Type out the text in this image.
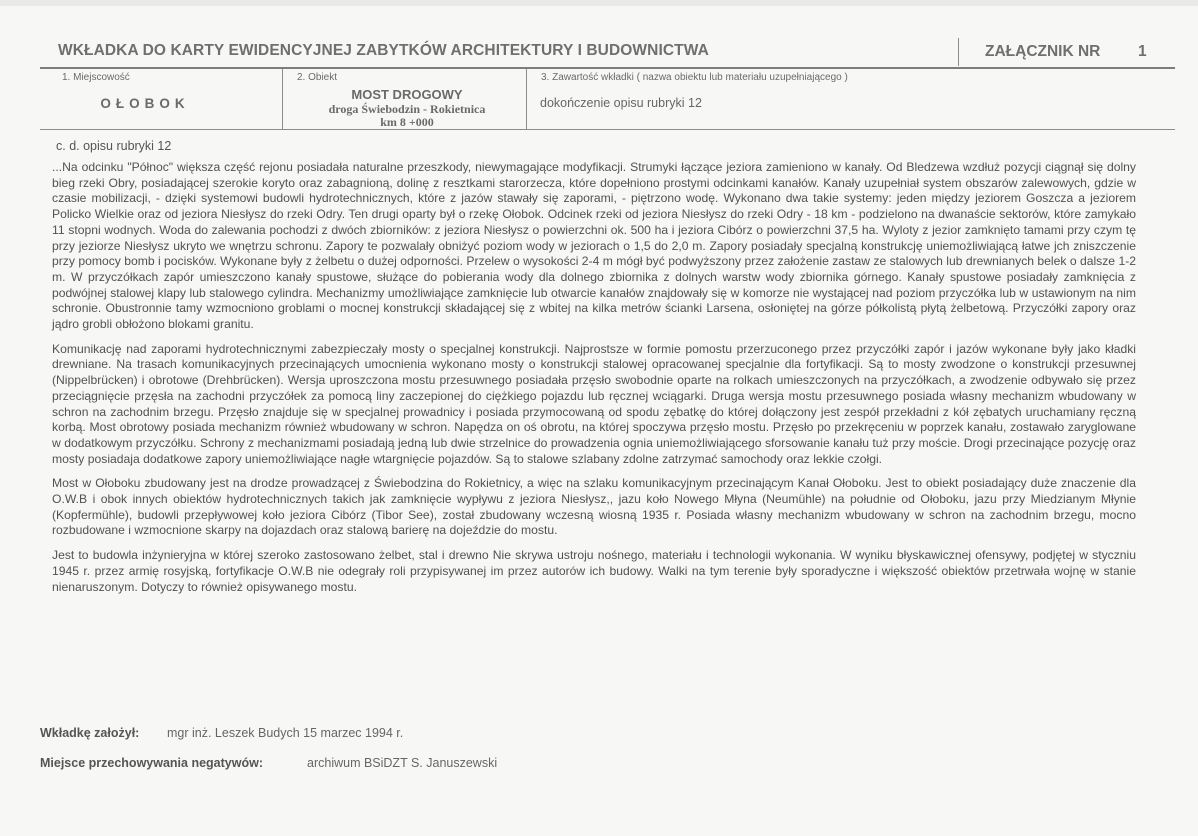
WKŁADKA DO KARTY EWIDENCYJNEJ ZABYTKÓW ARCHITEKTURY I BUDOWNICTWA	ZAŁĄCZNIK NR 1
1. Miejscowość
OŁOBOK
2. Obiekt
MOST DROGOWY
droga Świebodzin - Rokietnica
km 8 +000
3. Zawartość wkładki ( nazwa obiektu lub materiału uzupełniającego )
dokończenie opisu rubryki 12
c. d. opisu rubryki 12

...Na odcinku "Północ" większa część rejonu posiadała naturalne przeszkody, niewymagające modyfikacji. Strumyki łączące jeziora zamieniono w kanały. Od Bledzewa wzdłuż pozycji ciągnął się dolny bieg rzeki Obry, posiadającej szerokie koryto oraz zabagnioną, dolinę z resztkami starorzecza, które dopełniono prostymi odcinkami kanałów. Kanały uzupełniał system obszarów zalewowych, gdzie w czasie mobilizacji, - dzięki systemowi budowli hydrotechnicznych, które z jazów stawały się zaporami, - piętrzono wodę. Wykonano dwa takie systemy: jeden między jeziorem Goszcza a jeziorem Policko Wielkie oraz od jeziora Niesłysz do rzeki Odry. Ten drugi oparty był o rzekę Ołobok. Odcinek rzeki od jeziora Niesłysz do rzeki Odry - 18 km - podzielono na dwanaście sektorów, które zamykało 11 stopni wodnych. Woda do zalewania pochodzi z dwóch zbiorników: z jeziora Niesłysz o powierzchni ok. 500 ha i jeziora Cibórz o powierzchni 37,5 ha. Wyloty z jezior zamknięto tamami przy czym tę przy jeziorze Niesłysz ukryto we wnętrzu schronu. Zapory te pozwalały obniżyć poziom wody w jeziorach o 1,5 do 2,0 m. Zapory posiadały specjalną konstrukcję uniemożliwiającą łatwe jch zniszczenie przy pomocy bomb i pocisków. Wykonane były z żelbetu o dużej odporności. Przelew o wysokości 2-4 m mógł być podwyższony przez założenie zastaw ze stalowych lub drewnianych belek o dalsze 1-2 m. W przyczółkach zapór umieszczono kanały spustowe, służące do pobierania wody dla dolnego zbiornika z dolnych warstw wody zbiornika górnego. Kanały spustowe posiadały zamknięcia z podwójnej stalowej klapy lub stalowego cylindra. Mechanizmy umożliwiające zamknięcie lub otwarcie kanałów znajdowały się w komorze nie wystającej nad poziom przyczółka lub w ustawionym na nim schronie. Obustronnie tamy wzmocniono groblami o mocnej konstrukcji składającej się z wbitej na kilka metrów ścianki Larsena, osłoniętej na górze półkolistą płytą żelbetową. Przyczółki zapory oraz jądro grobli obłożono blokami granitu.

Komunikację nad zaporami hydrotechnicznymi zabezpieczały mosty o specjalnej konstrukcji. Najprostsze w formie pomostu przerzuconego przez przyczółki zapór i jazów wykonane były jako kładki drewniane. Na trasach komunikacyjnych przecinających umocnienia wykonano mosty o konstrukcji stalowej opracowanej specjalnie dla fortyfikacji. Są to mosty zwodzone o konstrukcji przesuwnej (Nippelbrücken) i obrotowe (Drehbrücken). Wersja uproszczona mostu przesuwnego posiadała przęsło swobodnie oparte na rolkach umieszczonych na przyczółkach, a zwodzenie odbywało się przez przeciągnięcie przęsła na zachodni przyczółek za pomocą liny zaczepionej do ciężkiego pojazdu lub ręcznej wciągarki. Druga wersja mostu przesuwnego posiada własny mechanizm wbudowany w schron na zachodnim brzegu. Przęsło znajduje się w specjalnej prowadnicy i posiada przymocowaną od spodu zębatkę do której dołączony jest zespół przekładni z kół zębatych uruchamiany ręczną korbą. Most obrotowy posiada mechanizm również wbudowany w schron. Napędza on oś obrotu, na której spoczywa przęsło mostu. Przęsło po przekręceniu w poprzek kanału, zostawało zaryglowane w dodatkowym przyczółku. Schrony z mechanizmami posiadają jedną lub dwie strzelnice do prowadzenia ognia uniemożliwiającego sforsowanie kanału tuż przy moście. Drogi przecinające pozycję oraz mosty posiadaja dodatkowe zapory uniemożliwiające nagłe wtargnięcie pojazdów. Są to stalowe szlabany zdolne zatrzymać samochody oraz lekkie czołgi.

Most w Ołoboku zbudowany jest na drodze prowadzącej z Świebodzina do Rokietnicy, a więc na szlaku komunikacyjnym przecinającym Kanał Ołoboku. Jest to obiekt posiadający duże znaczenie dla O.W.B i obok innych obiektów hydrotechnicznych takich jak zamknięcie wypływu z jeziora Niesłysz,, jazu koło Nowego Młyna (Neumühle) na południe od Ołoboku, jazu przy Miedzianym Młynie (Kopfermühle), budowli przepływowej koło jeziora Cibórz (Tibor See), został zbudowany wczesną wiosną 1935 r. Posiada własny mechanizm wbudowany w schron na zachodnim brzegu, mocno rozbudowane i wzmocnione skarpy na dojazdach oraz stalową barierę na dojeździe do mostu.

Jest to budowla inżynieryjna w której szeroko zastosowano żelbet, stal i drewno Nie skrywa ustroju nośnego, materiału i technologii wykonania. W wyniku błyskawicznej ofensywy, podjętej w styczniu 1945 r. przez armię rosyjską, fortyfikacje O.W.B nie odegrały roli przypisywanej im przez autorów ich budowy. Walki na tym terenie były sporadyczne i większość obiektów przetrwała wojnę w stanie nienaruszonym. Dotyczy to również opisywanego mostu.

Wkładkę założył: mgr inż. Leszek Budych 15 marzec 1994 r.
Miejsce przechowywania negatywów:	archiwum BSiDZT S. Januszewski
